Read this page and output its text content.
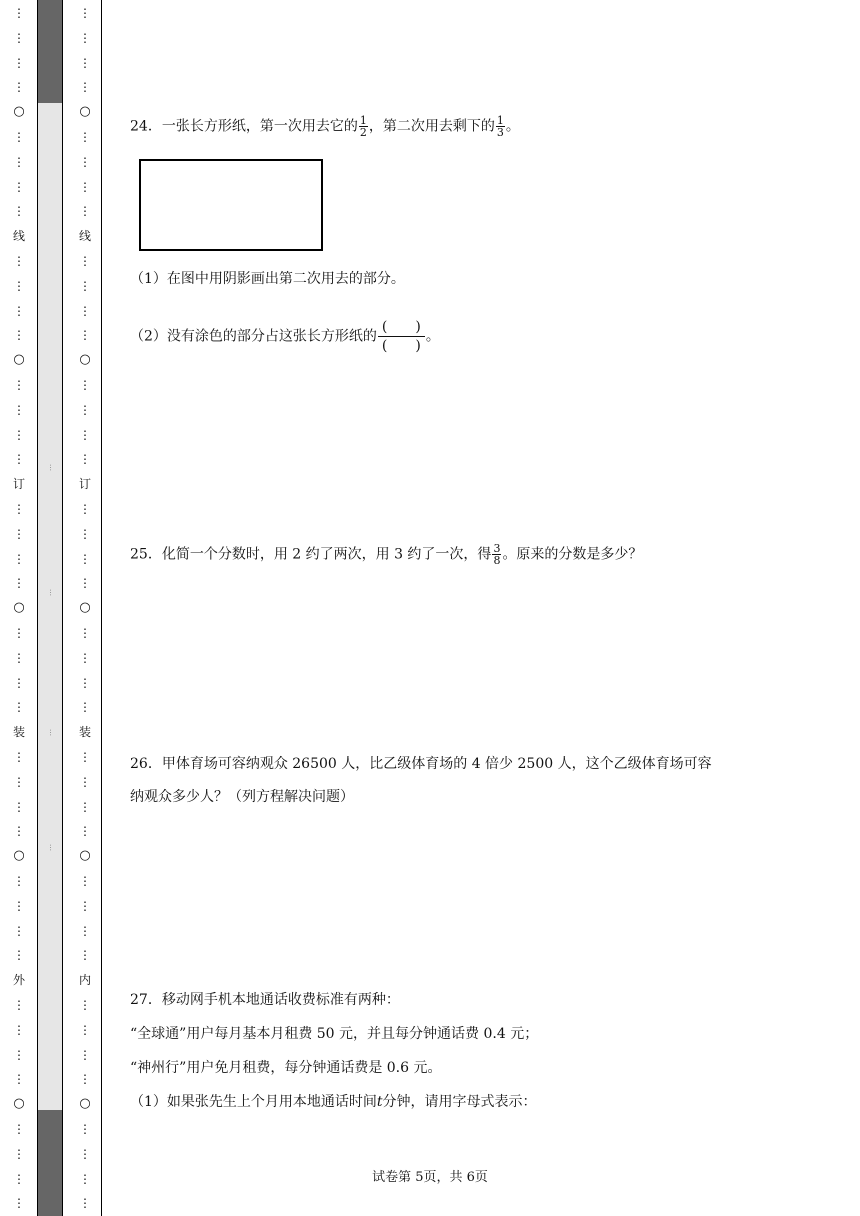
…
…
…
…
⋮
⋮
⋮
⋮
⋮
⋮
⋮
⋮
⋮
⋮
⋮
⋮
⋮
⋮
⋮
⋮
⋮
⋮
⋮
⋮
⋮
⋮
⋮
⋮
⋮
⋮
⋮
⋮
⋮
⋮
⋮
⋮
⋮
⋮
⋮
⋮
⋮
⋮
⋮
⋮
○
线
○
订
○
装
○
外
○
⋮
⋮
⋮
⋮
⋮
⋮
⋮
⋮
⋮
⋮
⋮
⋮
⋮
⋮
⋮
⋮
⋮
⋮
⋮
⋮
⋮
⋮
⋮
⋮
⋮
⋮
⋮
⋮
⋮
⋮
⋮
⋮
⋮
⋮
⋮
⋮
⋮
⋮
⋮
⋮
○
线
○
订
○
装
○
内
○
24．一张长方形纸，第一次用去它的 $\frac{1}{2}$ ，第二次用去剩下的 $\frac{1}{3}$ 。
（1）在图中用阴影画出第二次用去的部分。
（2）没有涂色的部分占这张长方形纸的 $\frac{( )}{( )}$ 。
25．化简一个分数时，用 2 约了两次，用 3 约了一次，得 $\frac{3}{8}$ 。原来的分数是多少？
26．甲体育场可容纳观众 26500 人，比乙级体育场的 4 倍少 2500 人，这个乙级体育场可容
纳观众多少人？（列方程解决问题）
27．移动网手机本地通话收费标准有两种：
“全球通”用户每月基本月租费 50 元，并且每分钟通话费 0.4 元；
“神州行”用户免月租费，每分钟通话费是 0.6 元。
（1）如果张先生上个月用本地通话时间t分钟，请用字母式表示：
试卷第 5页，共 6页
